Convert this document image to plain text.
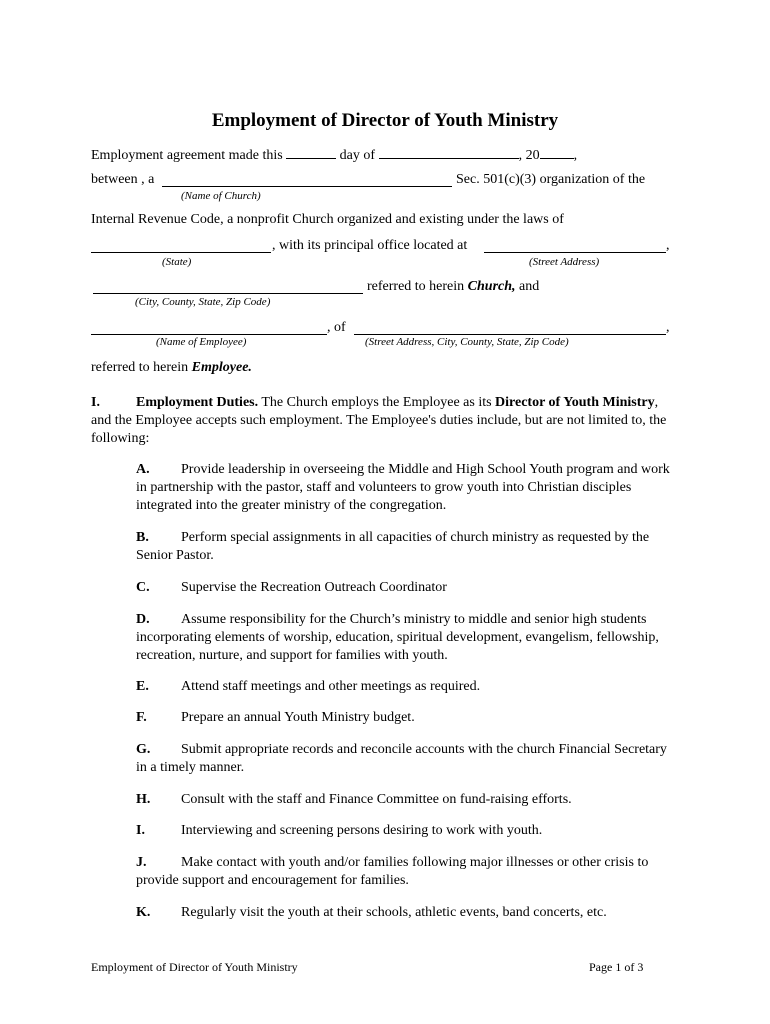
Employment of Director of Youth Ministry
Employment agreement made this	day of	, 20 ,
between , a	Sec. 501(c)(3) organization of the
(Name of Church)
Internal Revenue Code, a nonprofit Church organized and existing under the laws of
, with its principal office located at	,
(State)	(Street Address)
referred to herein Church, and
(City, County, State, Zip Code)
, of	,
(Name of Employee)	(Street Address, City, County, State, Zip Code)
referred to herein Employee.
I.	Employment Duties. The Church employs the Employee as its Director of Youth Ministry, and the Employee accepts such employment. The Employee's duties include, but are not limited to, the following:
A. Provide leadership in overseeing the Middle and High School Youth program and work in partnership with the pastor, staff and volunteers to grow youth into Christian disciples integrated into the greater ministry of the congregation.
B. Perform special assignments in all capacities of church ministry as requested by the Senior Pastor.
C. Supervise the Recreation Outreach Coordinator
D. Assume responsibility for the Church’s ministry to middle and senior high students incorporating elements of worship, education, spiritual development, evangelism, fellowship, recreation, nurture, and support for families with youth.
E. Attend staff meetings and other meetings as required.
F. Prepare an annual Youth Ministry budget.
G. Submit appropriate records and reconcile accounts with the church Financial Secretary in a timely manner.
H. Consult with the staff and Finance Committee on fund-raising efforts.
I.	Interviewing and screening persons desiring to work with youth.
J. Make contact with youth and/or families following major illnesses or other crisis to provide support and encouragement for families.
K. Regularly visit the youth at their schools, athletic events, band concerts, etc.
Employment of Director of Youth Ministry	Page 1 of 3
